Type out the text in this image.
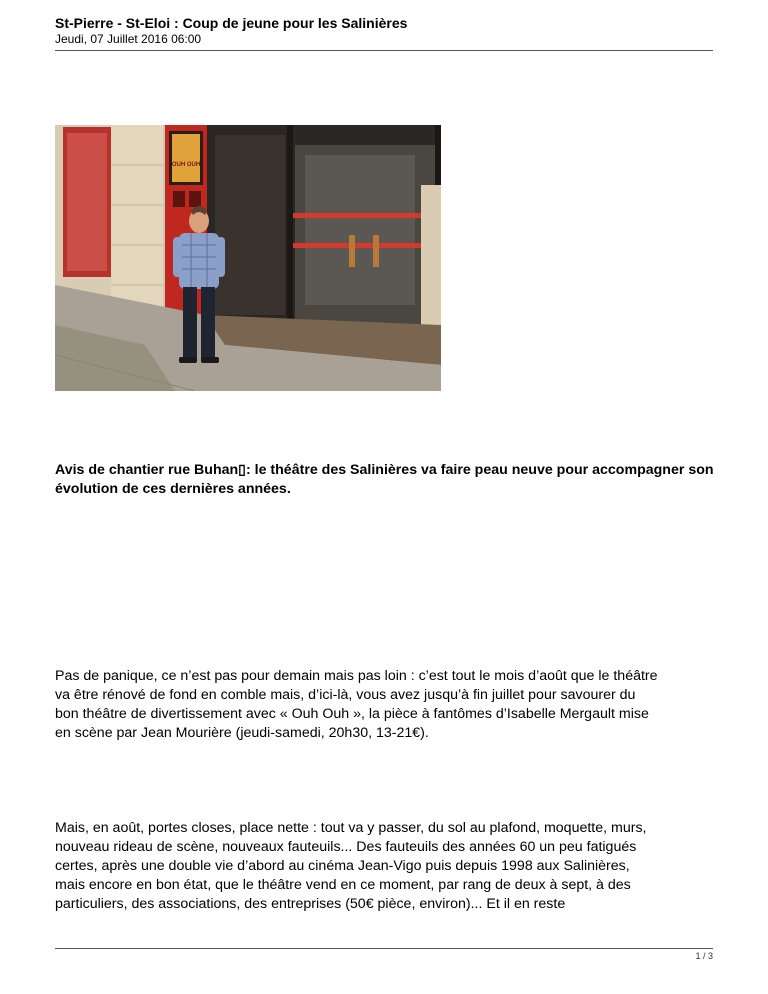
St-Pierre - St-Eloi : Coup de jeune pour les Salinières
Jeudi, 07 Juillet 2016 06:00
OUH OUH
Avis de chantier rue Buhan▯: le théâtre des Salinières va faire peau neuve pour accompagner son évolution de ces dernières années.
Pas de panique, ce n’est pas pour demain mais pas loin : c’est tout le mois d’août que le théâtre
va être rénové de fond en comble mais, d’ici-là, vous avez jusqu’à fin juillet pour savourer du
bon théâtre de divertissement avec « Ouh Ouh », la pièce à fantômes d’Isabelle Mergault mise
en scène par Jean Mourière (jeudi-samedi, 20h30, 13-21€).
Mais, en août, portes closes, place nette : tout va y passer, du sol au plafond, moquette, murs,
nouveau rideau de scène, nouveaux fauteuils... Des fauteuils des années 60 un peu fatigués
certes, après une double vie d’abord au cinéma Jean-Vigo puis depuis 1998 aux Salinières,
mais encore en bon état, que le théâtre vend en ce moment, par rang de deux à sept, à des
particuliers, des associations, des entreprises (50€ pièce, environ)... Et il en reste
1 / 3
